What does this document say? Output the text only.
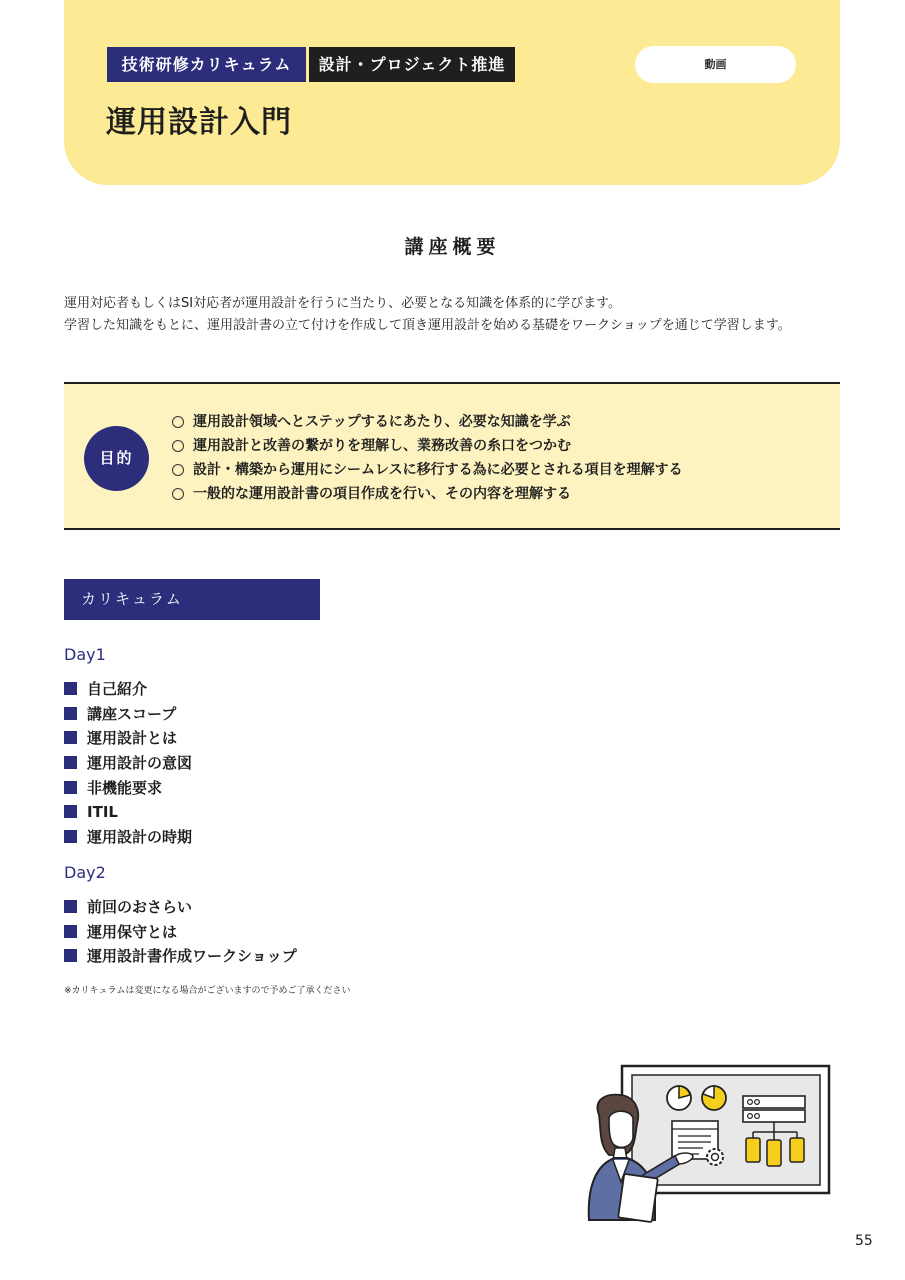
技術研修カリキュラム	設計・プロジェクト推進	動画
運用設計入門
講座概要
運用対応者もしくはSI対応者が運用設計を行うに当たり、必要となる知識を体系的に学びます。
学習した知識をもとに、運用設計書の立て付けを作成して頂き運用設計を始める基礎をワークショップを通じて学習します。
目的
運用設計領域へとステップするにあたり、必要な知識を学ぶ
運用設計と改善の繋がりを理解し、業務改善の糸口をつかむ
設計・構築から運用にシームレスに移行する為に必要とされる項目を理解する
一般的な運用設計書の項目作成を行い、その内容を理解する
カリキュラム
Day1
自己紹介
講座スコープ
運用設計とは
運用設計の意図
非機能要求
ITIL
運用設計の時期
Day2
前回のおさらい
運用保守とは
運用設計書作成ワークショップ
※カリキュラムは変更になる場合がございますので予めご了承ください
55
